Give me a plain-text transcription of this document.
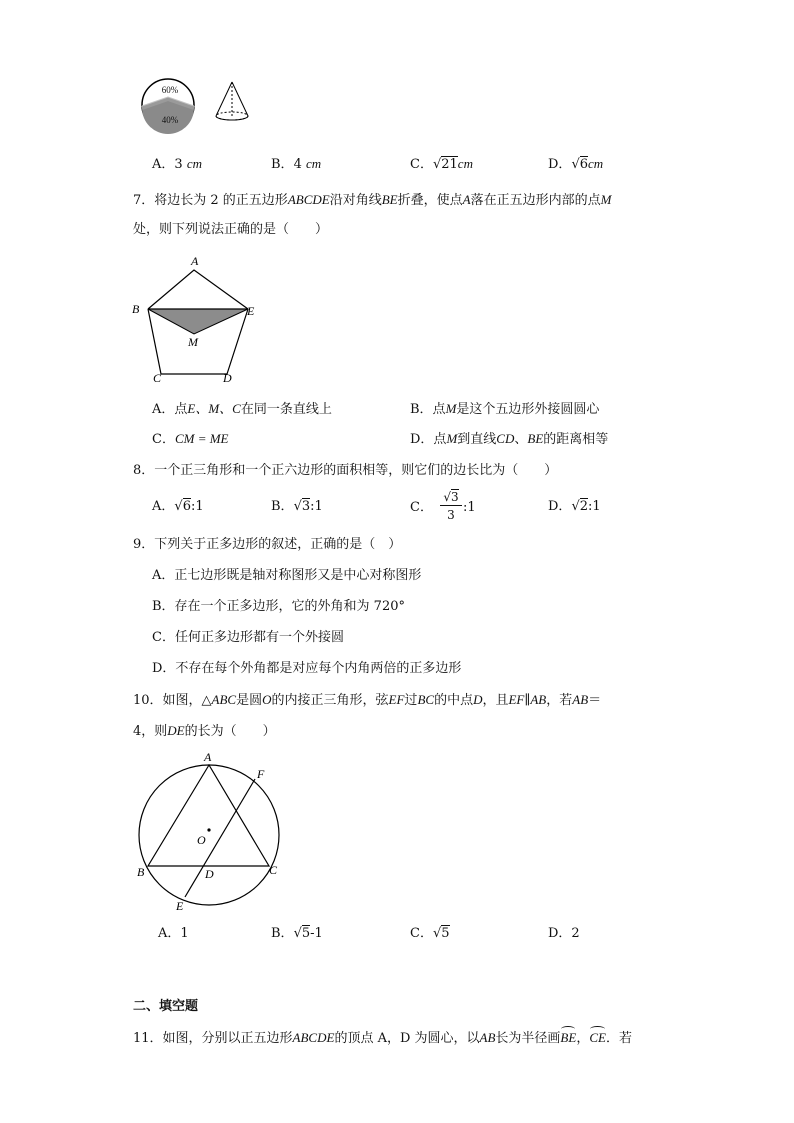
60%
40%
A．3 cm	B．4 cm	C．√21cm	D．√6cm
7．将边长为 2 的正五边形ABCDE沿对角线BE折叠，使点A落在正五边形内部的点M
处，则下列说法正确的是（　　）
A
B	E
M
C	D
A．点E、M、C在同一条直线上	B．点M是这个五边形外接圆圆心
C．CM = ME	D．点M到直线CD、BE的距离相等
8．一个正三角形和一个正六边形的面积相等，则它们的边长比为（　　）
A．√6:1	B．√3:1	C．
√3
3 :1	D．√2:1
9．下列关于正多边形的叙述，正确的是（　）
A．正七边形既是轴对称图形又是中心对称图形
B．存在一个正多边形，它的外角和为 720°
C．任何正多边形都有一个外接圆
D．不存在每个外角都是对应每个内角两倍的正多边形
10．如图，△ABC是圆O的内接正三角形，弦EF过BC的中点D，且EF∥AB，若AB＝
4，则DE的长为（　　）
A
F
O
B	D	C
E
A．1	B．√5-1	C．√5	D．2
二、填空题
11．如图，分别以正五边形ABCDE的顶点 A，D 为圆心，以AB长为半径画
BE，
CE．若
